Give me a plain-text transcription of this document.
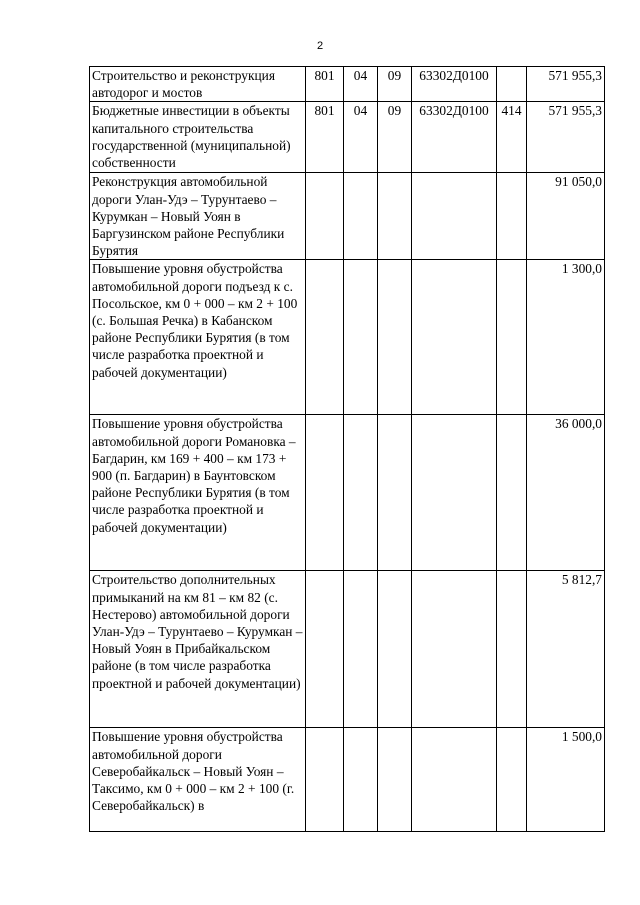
2
Строительство и реконструкция автодорог и мостов	801	04	09	63302Д0100		571 955,3
Бюджетные инвестиции в объекты капитального строительства государственной (муниципальной) собственности	801	04	09	63302Д0100	414	571 955,3
Реконструкция автомобильной дороги Улан-Удэ – Турунтаево – Курумкан – Новый Уоян в Баргузинском районе Республики Бурятия						91 050,0
Повышение уровня обустройства автомобильной дороги подъезд к с. Посольское, км 0 + 000 – км 2 + 100 (с. Большая Речка) в Кабанском районе Республики Бурятия (в том числе разработка проектной и рабочей документации)						1 300,0
Повышение уровня обустройства автомобильной дороги Романовка – Багдарин, км 169 + 400 – км 173 + 900 (п. Багдарин) в Баунтовском районе Республики Бурятия (в том числе разработка проектной и рабочей документации)						36 000,0
Строительство дополнительных примыканий на км 81 – км 82 (с. Нестерово) автомобильной дороги Улан-Удэ – Турунтаево – Курумкан – Новый Уоян в Прибайкальском районе (в том числе разработка проектной и рабочей документации)						5 812,7
Повышение уровня обустройства автомобильной дороги Северобайкальск – Новый Уоян – Таксимо, км 0 + 000 – км 2 + 100 (г. Северобайкальск) в						1 500,0
